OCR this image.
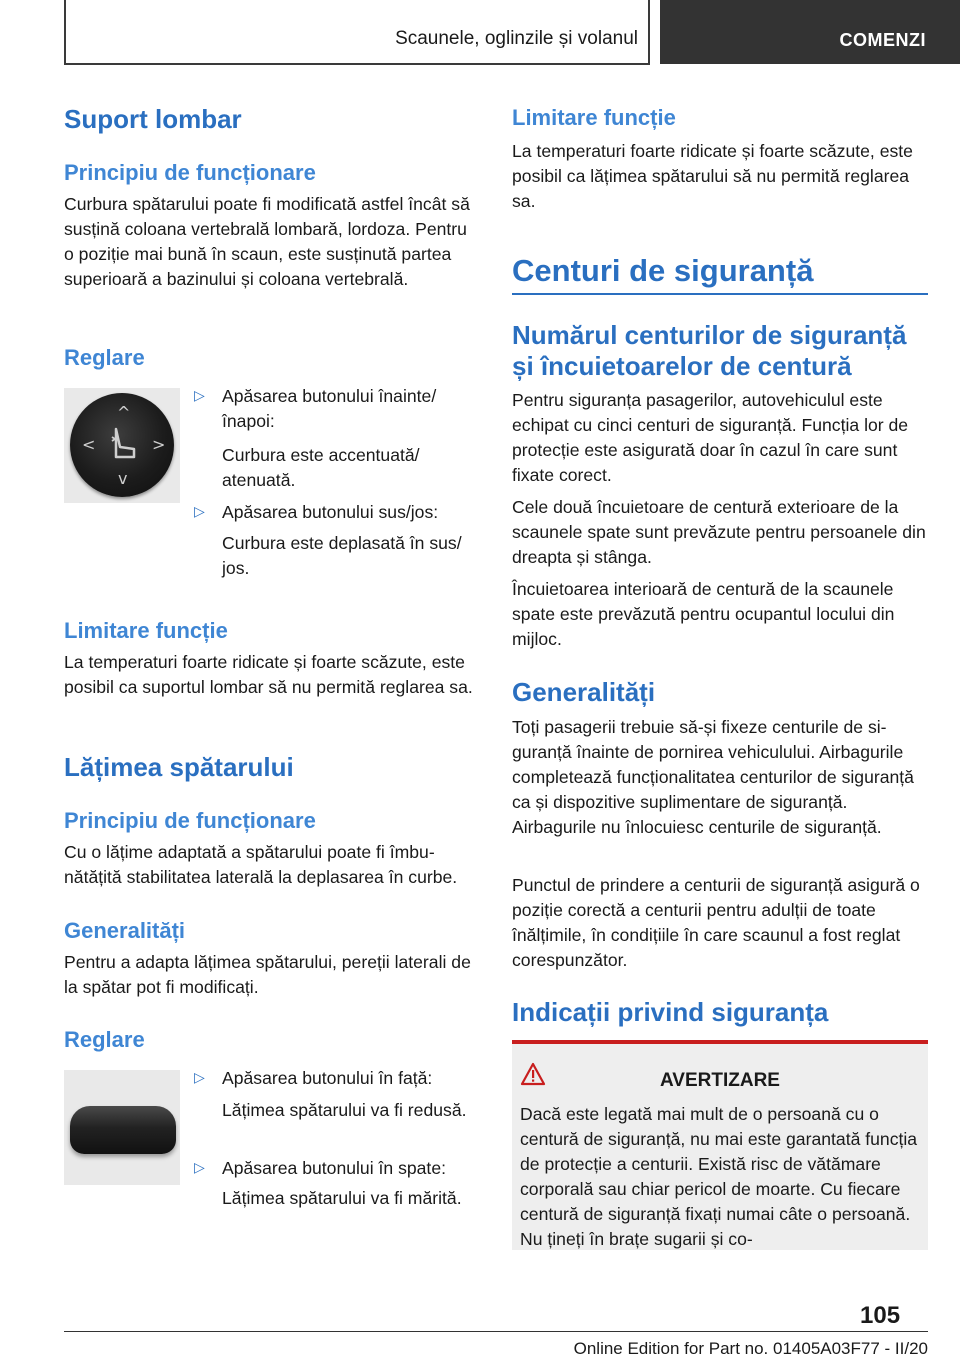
Scaunele, oglinzile și volanul	COMENZI
Suport lombar
Principiu de funcționare
Curbura spătarului poate fi modificată astfel încât să susțină coloana vertebrală lombară, lordoza. Pentru o poziție mai bună în scaun, este susținută partea superioară a bazinului și coloana vertebrală.
Reglare
^
<	>
v
▷ Apăsarea butonului înainte/ înapoi:
Curbura este accentuată/ atenuată.
▷ Apăsarea butonului sus/jos:
Curbura este deplasată în sus/ jos.
Limitare funcție
La temperaturi foarte ridicate și foarte scăzute, este posibil ca suportul lombar să nu permită reglarea sa.
Lățimea spătarului
Principiu de funcționare
Cu o lățime adaptată a spătarului poate fi îmbunătățită stabilitatea laterală la deplasarea în curbe.
Generalități
Pentru a adapta lățimea spătarului, pereții laterali de la spătar pot fi modificați.
Reglare
▷ Apăsarea butonului în față:
Lățimea spătarului va fi redusă.
▷ Apăsarea butonului în spate:
Lățimea spătarului va fi mărită.
Limitare funcție
La temperaturi foarte ridicate și foarte scăzute, este posibil ca lățimea spătarului să nu permită reglarea sa.
Centuri de siguranță
Numărul centurilor de siguranță și încuietoarelor de centură
Pentru siguranța pasagerilor, autovehiculul este echipat cu cinci centuri de siguranță. Funcția lor de protecție este asigurată doar în cazul în care sunt fixate corect.
Cele două încuietoare de centură exterioare de la scaunele spate sunt prevăzute pentru persoanele din dreapta și stânga.
Încuietoarea interioară de centură de la scaunele spate este prevăzută pentru ocupantul locului din mijloc.
Generalități
Toți pasagerii trebuie să-și fixeze centurile de siguranță înainte de pornirea vehiculului. Airbagurile completează funcționalitatea centurilor de siguranță ca și dispozitive suplimentare de siguranță. Airbagurile nu înlocuiesc centurile de siguranță.
Punctul de prindere a centurii de siguranță asigură o poziție corectă a centurii pentru adulții de toate înălțimile, în condițiile în care scaunul a fost reglat corespunzător.
Indicații privind siguranța
AVERTIZARE
Dacă este legată mai mult de o persoană cu o centură de siguranță, nu mai este garantată funcția de protecție a centurii. Există risc de vătămare corporală sau chiar pericol de moarte. Cu fiecare centură de siguranță fixați numai câte o persoană. Nu țineți în brațe sugarii și co-
105
Online Edition for Part no. 01405A03F77 - II/20
